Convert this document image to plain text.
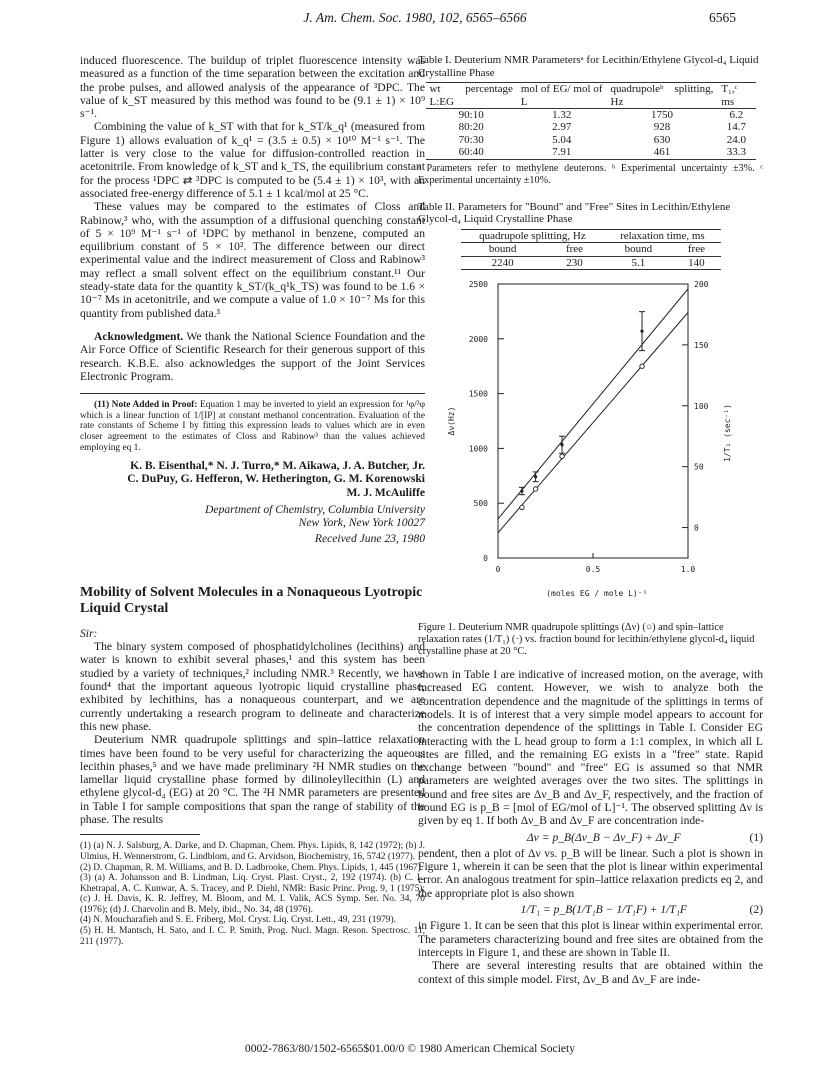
J. Am. Chem. Soc. 1980, 102, 6565–6566	6565

induced fluorescence. The buildup of triplet fluorescence intensity was measured as a function of the time separation between the excitation and the probe pulses, and allowed analysis of the appearance of ³DPC. The value of k_ST measured by this method was found to be (9.1 ± 1) × 10⁹ s⁻¹.

Combining the value of k_ST with that for k_ST/k_q¹ (measured from Figure 1) allows evaluation of k_q¹ = (3.5 ± 0.5) × 10¹⁰ M⁻¹ s⁻¹. The latter is very close to the value for diffusion-controlled reaction in acetonitrile. From knowledge of k_ST and k_TS, the equilibrium constant for the process ¹DPC ⇄ ³DPC is computed to be (5.4 ± 1) × 10³, with an associated free-energy difference of 5.1 ± 1 kcal/mol at 25 °C.

These values may be compared to the estimates of Closs and Rabinow,³ who, with the assumption of a diffusional quenching constant of 5 × 10⁹ M⁻¹ s⁻¹ of ¹DPC by methanol in benzene, computed an equilibrium constant of 5 × 10². The difference between our direct experimental value and the indirect measurement of Closs and Rabinow³ may reflect a small solvent effect on the equilibrium constant.¹¹ Our steady-state data for the quantity k_ST/(k_q¹k_TS) was found to be 1.6 × 10⁻⁷ Ms in acetonitrile, and we compute a value of 1.0 × 10⁻⁷ Ms for this quantity from published data.³

Acknowledgment. We thank the National Science Foundation and the Air Force Office of Scientific Research for their generous support of this research. K.B.E. also acknowledges the support of the Joint Services Electronic Program.

(11) Note Added in Proof: Equation 1 may be inverted to yield an expression for ¹φ/³φ which is a linear function of 1/[IP] at constant methanol concentration. Evaluation of the rate constants of Scheme I by fitting this expression leads to values which are in even closer agreement to the estimates of Closs and Rabinow³ than the values achieved employing eq 1.

K. B. Eisenthal,* N. J. Turro,* M. Aikawa, J. A. Butcher, Jr.
C. DuPuy, G. Hefferon, W. Hetherington, G. M. Korenowski
M. J. McAuliffe
Department of Chemistry, Columbia University
New York, New York 10027
Received June 23, 1980
Mobility of Solvent Molecules in a Nonaqueous Lyotropic Liquid Crystal

Sir:

The binary system composed of phosphatidylcholines (lecithins) and water is known to exhibit several phases,¹ and this system has been studied by a variety of techniques,² including NMR.³ Recently, we have found⁴ that the important aqueous lyotropic liquid crystalline phase, exhibited by lechithins, has a nonaqueous counterpart, and we are currently undertaking a research program to delineate and characterize this new phase.

Deuterium NMR quadrupole splittings and spin–lattice relaxation times have been found to be very useful for characterizing the aqueous lecithin phases,⁵ and we have made preliminary ²H NMR studies on the lamellar liquid crystalline phase formed by dilinoleyllecithin (L) and ethylene glycol-d₄ (EG) at 20 °C. The ²H NMR parameters are presented in Table I for sample compositions that span the range of stability of the phase. The results

(1) (a) N. J. Salsburg, A. Darke, and D. Chapman, Chem. Phys. Lipids, 8, 142 (1972); (b) J. Ulmius, H. Wennerstrom, G. Lindblom, and G. Arvidson, Biochemistry, 16, 5742 (1977).

(2) D. Chapman, R. M. Williams, and B. D. Ladbrooke, Chem. Phys. Lipids, 1, 445 (1967).

(3) (a) A. Johansson and B. Lindman, Liq. Cryst. Plast. Cryst., 2, 192 (1974). (b) C. L. Khetrapal, A. C. Kunwar, A. S. Tracey, and P. Diehl, NMR: Basic Princ. Prog. 9, 1 (1975); (c) J. H. Davis, K. R. Jeffrey, M. Bloom, and M. I. Valik, ACS Symp. Ser. No. 34, 70 (1976); (d) J. Charvolin and B. Mely, ibid., No. 34, 48 (1976).

(4) N. Moucharafieh and S. E. Friberg, Mol. Cryst. Liq. Cryst. Lett., 49, 231 (1979).

(5) H. H. Mantsch, H. Sato, and I. C. P. Smith, Prog. Nucl. Magn. Reson. Spectrosc. 11, 211 (1977).

Table I. Deuterium NMR Parametersᵃ for Lecithin/Ethylene Glycol-d₄ Liquid Crystalline Phase
wt percentage L:EG	mol of EG/ mol of L	quadrupoleᵇ splitting, Hz	T₁,ᶜ ms
90:10	1.32	1750	6.2
80:20	2.97	928	14.7
70:30	5.04	630	24.0
60:40	7.91	461	33.3
ᵃ Parameters refer to methylene deuterons. ᵇ Experimental uncertainty ±3%. ᶜ Experimental uncertainty ±10%.
Table II. Parameters for "Bound" and "Free" Sites in Lecithin/Ethylene Glycol-d₄ Liquid Crystalline Phase
quadrupole splitting, Hz		relaxation time, ms	
bound	free	bound	free
2240	230	5.1	140
0
500
1000
1500
2000
2500
0
50
100
150
200
0	0.5	1.0
Δν(Hz)	1/T₁ (sec⁻¹)
(moles EG / mole L)⁻¹
Figure 1. Deuterium NMR quadrupole splittings (Δν) (○) and spin–lattice relaxation rates (1/T₁) (·) vs. fraction bound for lecithin/ethylene glycol-d₄ liquid crystalline phase at 20 °C.

shown in Table I are indicative of increased motion, on the average, with increased EG content. However, we wish to analyze both the concentration dependence and the magnitude of the splittings in terms of models. It is of interest that a very simple model appears to account for the concentration dependence of the splittings in Table I. Consider EG interacting with the L head group to form a 1:1 complex, in which all L sites are filled, and the remaining EG exists in a "free" state. Rapid exchange between "bound" and "free" EG is assumed so that NMR parameters are weighted averages over the two sites. The splittings in bound and free sites are Δν_B and Δν_F, respectively, and the fraction of bound EG is p_B = [mol of EG/mol of L]⁻¹. The observed splitting Δν is given by eq 1. If both Δν_B and Δν_F are concentration inde-

Δν = p_B(Δν_B − Δν_F) + Δν_F	(1)

pendent, then a plot of Δν vs. p_B will be linear. Such a plot is shown in Figure 1, wherein it can be seen that the plot is linear within experimental error. An analogous treatment for spin–lattice relaxation predicts eq 2, and the appropriate plot is also shown

1/T₁ = p_B(1/T₁B − 1/T₁F) + 1/T₁F	(2)

in Figure 1. It can be seen that this plot is linear within experimental error. The parameters characterizing bound and free sites are obtained from the intercepts in Figure 1, and these are shown in Table II.

There are several interesting results that are obtained within the context of this simple model. First, Δν_B and Δν_F are inde-

0002-7863/80/1502-6565$01.00/0 © 1980 American Chemical Society
